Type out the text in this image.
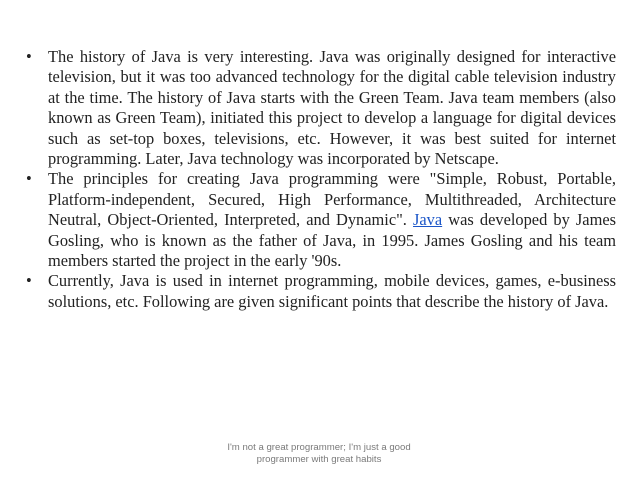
• The history of Java is very interesting. Java was originally designed for interactive television, but it was too advanced technology for the digital cable television industry at the time. The history of Java starts with the Green Team. Java team members (also known as Green Team), initiated this project to develop a language for digital devices such as set-top boxes, televisions, etc. However, it was best suited for internet programming. Later, Java technology was incorporated by Netscape.
• The principles for creating Java programming were "Simple, Robust, Portable, Platform-independent, Secured, High Performance, Multithreaded, Architecture Neutral, Object-Oriented, Interpreted, and Dynamic". Java was developed by James Gosling, who is known as the father of Java, in 1995. James Gosling and his team members started the project in the early '90s.
• Currently, Java is used in internet programming, mobile devices, games, e-business solutions, etc. Following are given significant points that describe the history of Java.
I'm not a great programmer; I'm just a good
programmer with great habits
